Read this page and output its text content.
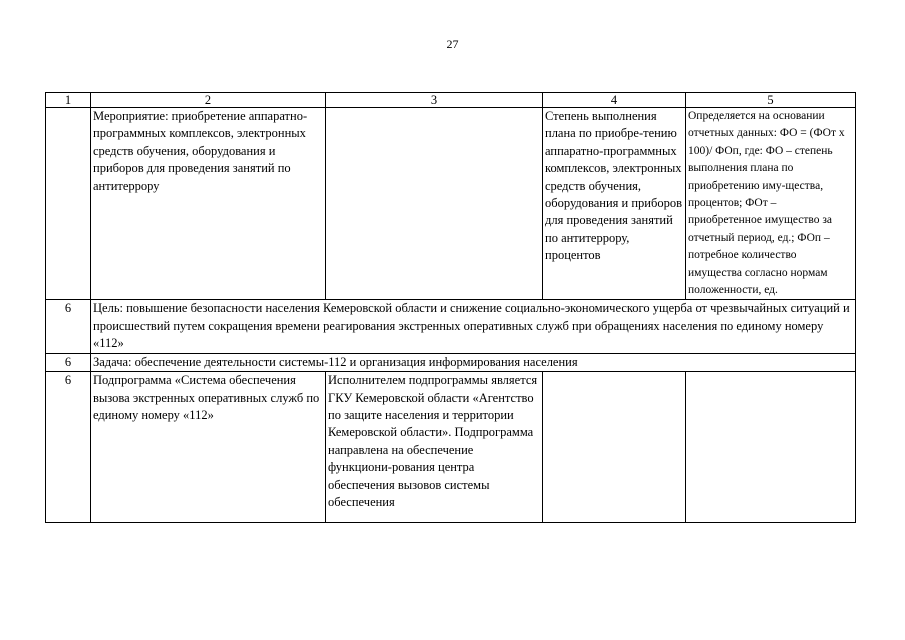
27
1	2	3	4	5
	Мероприятие: приобретение аппаратно-программных комплексов, электронных средств обучения, оборудования и приборов для проведения занятий по антитеррору		Степень выполнения плана по приобре-тению аппаратно-программных комплексов, электронных средств обучения, оборудования и приборов для проведения занятий по антитеррору, процентов	Определяется на основании отчетных данных: ФО = (ФОт х 100)/ ФОп, где: ФО – степень выполнения плана по приобретению иму-щества, процентов; ФОт – приобретенное имущество за отчетный период, ед.; ФОп – потребное количество имущества согласно нормам положенности, ед.
6	Цель: повышение безопасности населения Кемеровской области и снижение социально-экономического ущерба от чрезвычайных ситуаций и происшествий путем сокращения времени реагирования экстренных оперативных служб при обращениях населения по единому номеру «112»			
6	Задача: обеспечение деятельности системы-112 и организация информирования населения			
6	Подпрограмма «Система обеспечения вызова экстренных оперативных служб по единому номеру «112»	Исполнителем подпрограммы является ГКУ Кемеровской области «Агентство по защите населения и территории Кемеровской области». Подпрограмма направлена на обеспечение функциони-рования центра обеспечения вызовов системы обеспечения		
